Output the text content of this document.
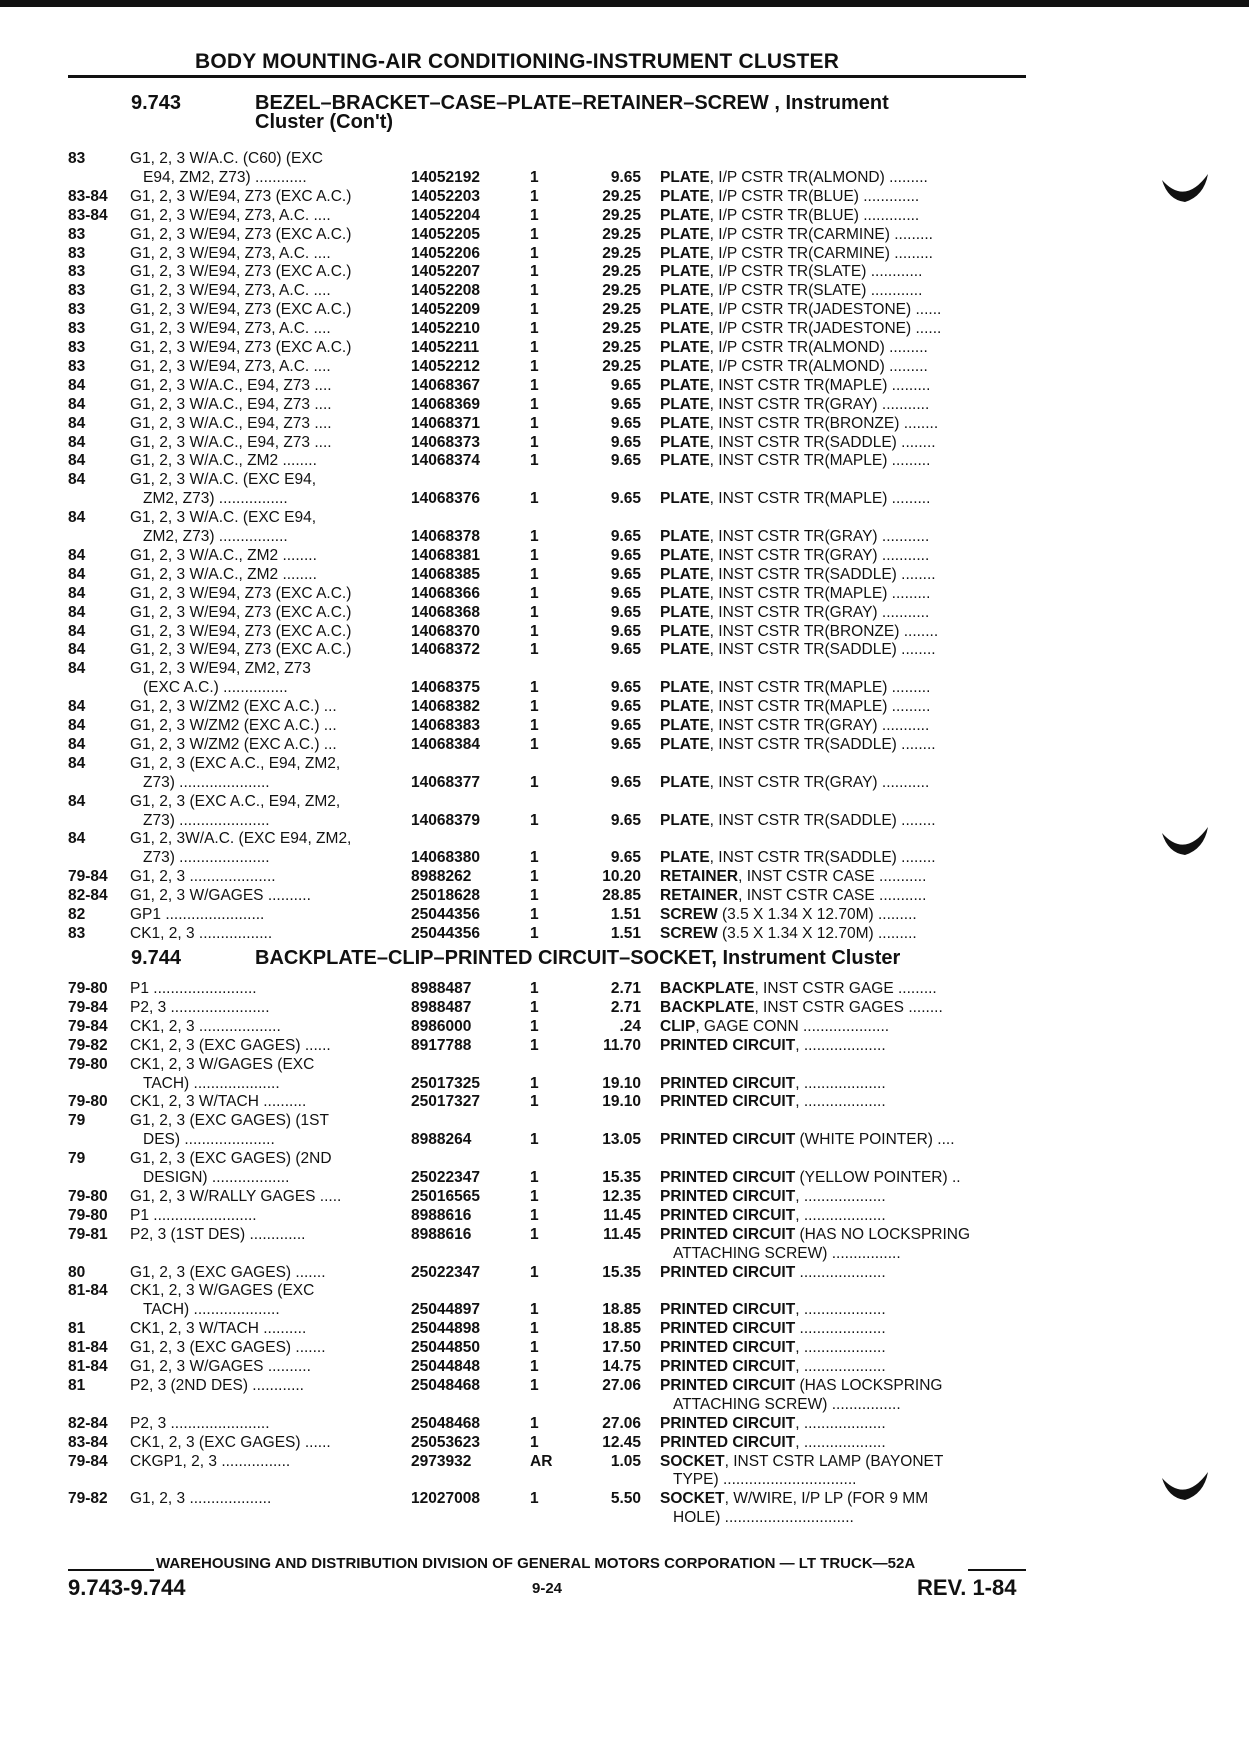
BODY MOUNTING-AIR CONDITIONING-INSTRUMENT CLUSTER
9.743	BEZEL–BRACKET–CASE–PLATE–RETAINER–SCREW , Instrument
Cluster (Con't)
9.744	BACKPLATE–CLIP–PRINTED CIRCUIT–SOCKET, Instrument Cluster
83	G1, 2, 3 W/A.C. (C60) (EXC
E94, ZM2, Z73) ............	14052192	1	9.65 PLATE, I/P CSTR TR(ALMOND) .........
83-84 G1, 2, 3 W/E94, Z73 (EXC A.C.)	14052203	1	29.25 PLATE, I/P CSTR TR(BLUE) .............
83-84 G1, 2, 3 W/E94, Z73, A.C. ....	14052204	1	29.25 PLATE, I/P CSTR TR(BLUE) .............
83	G1, 2, 3 W/E94, Z73 (EXC A.C.)	14052205	1	29.25 PLATE, I/P CSTR TR(CARMINE) .........
83	G1, 2, 3 W/E94, Z73, A.C. ....	14052206	1	29.25 PLATE, I/P CSTR TR(CARMINE) .........
83	G1, 2, 3 W/E94, Z73 (EXC A.C.)	14052207	1	29.25 PLATE, I/P CSTR TR(SLATE) ............
83	G1, 2, 3 W/E94, Z73, A.C. ....	14052208	1	29.25 PLATE, I/P CSTR TR(SLATE) ............
83	G1, 2, 3 W/E94, Z73 (EXC A.C.)	14052209	1	29.25 PLATE, I/P CSTR TR(JADESTONE) ......
83	G1, 2, 3 W/E94, Z73, A.C. ....	14052210	1	29.25 PLATE, I/P CSTR TR(JADESTONE) ......
83	G1, 2, 3 W/E94, Z73 (EXC A.C.)	14052211	1	29.25 PLATE, I/P CSTR TR(ALMOND) .........
83	G1, 2, 3 W/E94, Z73, A.C. ....	14052212	1	29.25 PLATE, I/P CSTR TR(ALMOND) .........
84	G1, 2, 3 W/A.C., E94, Z73 ....	14068367	1	9.65 PLATE, INST CSTR TR(MAPLE) .........
84	G1, 2, 3 W/A.C., E94, Z73 ....	14068369	1	9.65 PLATE, INST CSTR TR(GRAY) ...........
84	G1, 2, 3 W/A.C., E94, Z73 ....	14068371	1	9.65 PLATE, INST CSTR TR(BRONZE) ........
84	G1, 2, 3 W/A.C., E94, Z73 ....	14068373	1	9.65 PLATE, INST CSTR TR(SADDLE) ........
84	G1, 2, 3 W/A.C., ZM2 ........	14068374	1	9.65 PLATE, INST CSTR TR(MAPLE) .........
84	G1, 2, 3 W/A.C. (EXC E94,
ZM2, Z73) ................	14068376	1	9.65 PLATE, INST CSTR TR(MAPLE) .........
84	G1, 2, 3 W/A.C. (EXC E94,
ZM2, Z73) ................	14068378	1	9.65 PLATE, INST CSTR TR(GRAY) ...........
84	G1, 2, 3 W/A.C., ZM2 ........	14068381	1	9.65 PLATE, INST CSTR TR(GRAY) ...........
84	G1, 2, 3 W/A.C., ZM2 ........	14068385	1	9.65 PLATE, INST CSTR TR(SADDLE) ........
84	G1, 2, 3 W/E94, Z73 (EXC A.C.)	14068366	1	9.65 PLATE, INST CSTR TR(MAPLE) .........
84	G1, 2, 3 W/E94, Z73 (EXC A.C.)	14068368	1	9.65 PLATE, INST CSTR TR(GRAY) ...........
84	G1, 2, 3 W/E94, Z73 (EXC A.C.)	14068370	1	9.65 PLATE, INST CSTR TR(BRONZE) ........
84	G1, 2, 3 W/E94, Z73 (EXC A.C.)	14068372	1	9.65 PLATE, INST CSTR TR(SADDLE) ........
84	G1, 2, 3 W/E94, ZM2, Z73
(EXC A.C.) ...............	14068375	1	9.65 PLATE, INST CSTR TR(MAPLE) .........
84	G1, 2, 3 W/ZM2 (EXC A.C.) ...	14068382	1	9.65 PLATE, INST CSTR TR(MAPLE) .........
84	G1, 2, 3 W/ZM2 (EXC A.C.) ...	14068383	1	9.65 PLATE, INST CSTR TR(GRAY) ...........
84	G1, 2, 3 W/ZM2 (EXC A.C.) ...	14068384	1	9.65 PLATE, INST CSTR TR(SADDLE) ........
84	G1, 2, 3 (EXC A.C., E94, ZM2,
Z73) .....................	14068377	1	9.65 PLATE, INST CSTR TR(GRAY) ...........
84	G1, 2, 3 (EXC A.C., E94, ZM2,
Z73) .....................	14068379	1	9.65 PLATE, INST CSTR TR(SADDLE) ........
84	G1, 2, 3W/A.C. (EXC E94, ZM2,
Z73) .....................	14068380	1	9.65 PLATE, INST CSTR TR(SADDLE) ........
79-84 G1, 2, 3 ....................	8988262	1	10.20 RETAINER, INST CSTR CASE ...........
82-84 G1, 2, 3 W/GAGES ..........	25018628	1	28.85 RETAINER, INST CSTR CASE ...........
82	GP1 .......................	25044356	1	1.51 SCREW (3.5 X 1.34 X 12.70M) .........
83	CK1, 2, 3 .................	25044356	1	1.51 SCREW (3.5 X 1.34 X 12.70M) .........
79-80 P1 ........................	8988487	1	2.71 BACKPLATE, INST CSTR GAGE .........
79-84 P2, 3 .......................	8988487	1	2.71 BACKPLATE, INST CSTR GAGES ........
79-84 CK1, 2, 3 ...................	8986000	1	.24 CLIP, GAGE CONN ....................
79-82 CK1, 2, 3 (EXC GAGES) ......	8917788	1	11.70 PRINTED CIRCUIT, ...................
79-80 CK1, 2, 3 W/GAGES (EXC
TACH) ....................	25017325	1	19.10 PRINTED CIRCUIT, ...................
79-80 CK1, 2, 3 W/TACH ..........	25017327	1	19.10 PRINTED CIRCUIT, ...................
79	G1, 2, 3 (EXC GAGES) (1ST
DES) .....................	8988264	1	13.05 PRINTED CIRCUIT (WHITE POINTER) ....
79	G1, 2, 3 (EXC GAGES) (2ND
DESIGN) ..................	25022347	1	15.35 PRINTED CIRCUIT (YELLOW POINTER) ..
79-80 G1, 2, 3 W/RALLY GAGES .....	25016565	1	12.35 PRINTED CIRCUIT, ...................
79-80 P1 ........................	8988616	1	11.45 PRINTED CIRCUIT, ...................
79-81 P2, 3 (1ST DES) .............	8988616	1	11.45 PRINTED CIRCUIT (HAS NO LOCKSPRING
ATTACHING SCREW) ................
80	G1, 2, 3 (EXC GAGES) .......	25022347	1	15.35 PRINTED CIRCUIT ....................
81-84 CK1, 2, 3 W/GAGES (EXC
TACH) ....................	25044897	1	18.85 PRINTED CIRCUIT, ...................
81	CK1, 2, 3 W/TACH ..........	25044898	1	18.85 PRINTED CIRCUIT ....................
81-84 G1, 2, 3 (EXC GAGES) .......	25044850	1	17.50 PRINTED CIRCUIT, ...................
81-84 G1, 2, 3 W/GAGES ..........	25044848	1	14.75 PRINTED CIRCUIT, ...................
81	P2, 3 (2ND DES) ............	25048468	1	27.06 PRINTED CIRCUIT (HAS LOCKSPRING
ATTACHING SCREW) ................
82-84 P2, 3 .......................	25048468	1	27.06 PRINTED CIRCUIT, ...................
83-84 CK1, 2, 3 (EXC GAGES) ......	25053623	1	12.45 PRINTED CIRCUIT, ...................
79-84 CKGP1, 2, 3 ................	2973932	AR	1.05 SOCKET, INST CSTR LAMP (BAYONET
TYPE) ...............................
79-82 G1, 2, 3 ...................	12027008	1	5.50 SOCKET, W/WIRE, I/P LP (FOR 9 MM
HOLE) ..............................
WAREHOUSING AND DISTRIBUTION DIVISION OF GENERAL MOTORS CORPORATION — LT TRUCK—52A
9.743-9.744	9-24	REV. 1-84
